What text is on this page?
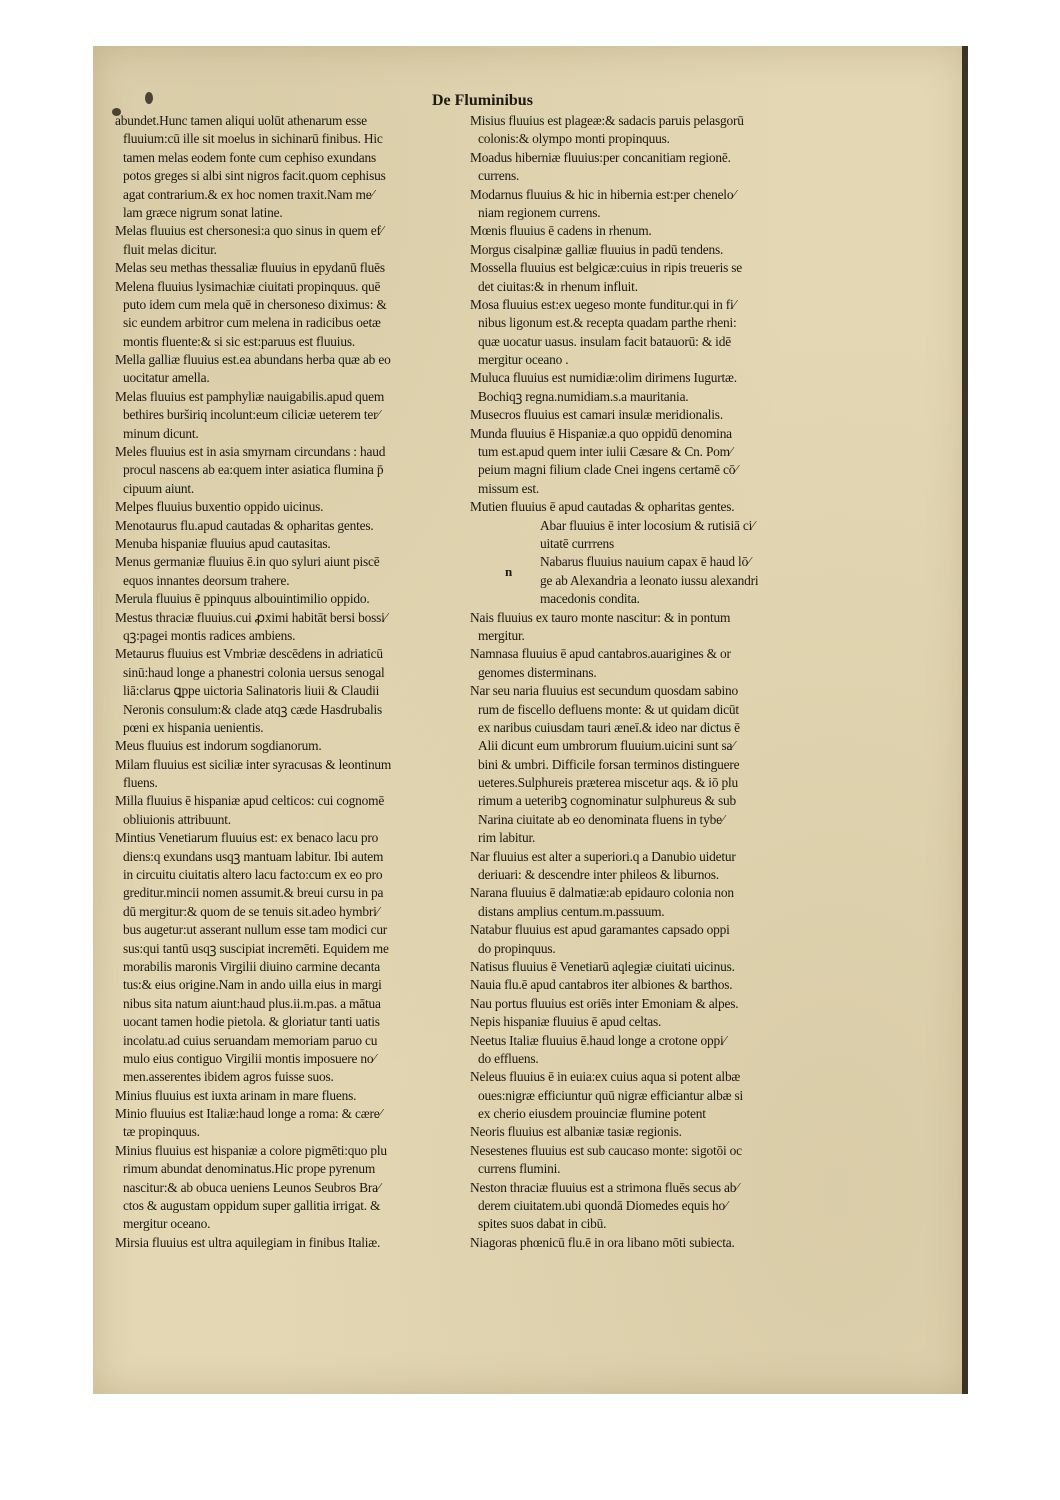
De Fluminibus
abundet.Hunc tamen aliqui uolūt athenarum esse
fluuium:cū ille sit moelus in sichinarū finibus. Hic
tamen melas eodem fonte cum cephiso exundans
potos greges si albi sint nigros facit.quom cephisus
agat contrarium.& ex hoc nomen traxit.Nam me⁄
lam græce nigrum sonat latine.
Melas fluuius est chersonesi:a quo sinus in quem ef⁄
fluit melas dicitur.
Melas seu methas thessaliæ fluuius in epydanū fluēs
Melena fluuius lysimachiæ ciuitati propinquus. quē
puto idem cum mela quē in chersoneso diximus: &
sic eundem arbitror cum melena in radicibus oetæ
montis fluente:& si sic est:paruus est fluuius.
Mella galliæ fluuius est.ea abundans herba quæ ab eo
uocitatur amella.
Melas fluuius est pamphyliæ nauigabilis.apud quem
bethires burširiq incolunt:eum ciliciæ ueterem ter⁄
minum dicunt.
Meles fluuius est in asia smyrnam circundans : haud
procul nascens ab ea:quem inter asiatica flumina p̄
cipuum aiunt.
Melpes fluuius buxentio oppido uicinus.
Menotaurus flu.apud cautadas & opharitas gentes.
Menuba hispaniæ fluuius apud cautasitas.
Menus germaniæ fluuius ē.in quo syluri aiunt piscē
equos innantes deorsum trahere.
Merula fluuius ē ppinquus albouintimilio oppido.
Mestus thraciæ fluuius.cui ꝓximi habitāt bersi bossi⁄
qꝫ:pagei montis radices ambiens.
Metaurus fluuius est Vmbriæ descēdens in adriaticū
sinū:haud longe a phanestri colonia uersus senogal
liā:clarus ꝗppe uictoria Salinatoris liuii & Claudii
Neronis consulum:& clade atqꝫ cæde Hasdrubalis
pœni ex hispania uenientis.
Meus fluuius est indorum sogdianorum.
Milam fluuius est siciliæ inter syracusas & leontinum
fluens.
Milla fluuius ē hispaniæ apud celticos: cui cognomē
obliuionis attribuunt.
Mintius Venetiarum fluuius est: ex benaco lacu pro
diens:q exundans usqꝫ mantuam labitur. Ibi autem
in circuitu ciuitatis altero lacu facto:cum ex eo pro
greditur.mincii nomen assumit.& breui cursu in pa
dū mergitur:& quom de se tenuis sit.adeo hymbri⁄
bus augetur:ut asserant nullum esse tam modici cur
sus:qui tantū usqꝫ suscipiat incremēti. Equidem me
morabilis maronis Virgilii diuino carmine decanta
tus:& eius origine.Nam in ando uilla eius in margi
nibus sita natum aiunt:haud plus.ii.m.pas. a mātua
uocant tamen hodie pietola. & gloriatur tanti uatis
incolatu.ad cuius seruandam memoriam paruo cu
mulo eius contiguo Virgilii montis imposuere no⁄
men.asserentes ibidem agros fuisse suos.
Minius fluuius est iuxta arinam in mare fluens.
Minio fluuius est Italiæ:haud longe a roma: & cære⁄
tæ propinquus.
Minius fluuius est hispaniæ a colore pigmēti:quo plu
rimum abundat denominatus.Hic prope pyrenum
nascitur:& ab obuca ueniens Leunos Seubros Bra⁄
ctos & augustam oppidum super gallitia irrigat. &
mergitur oceano.
Mirsia fluuius est ultra aquilegiam in finibus Italiæ.
Misius fluuius est plageæ:& sadacis paruis pelasgorū
colonis:& olympo monti propinquus.
Moadus hiberniæ fluuius:per concanitiam regionē.
currens.
Modarnus fluuius & hic in hibernia est:per chenelo⁄
niam regionem currens.
Mœnis fluuius ē cadens in rhenum.
Morgus cisalpinæ galliæ fluuius in padū tendens.
Mossella fluuius est belgicæ:cuius in ripis treueris se
det ciuitas:& in rhenum influit.
Mosa fluuius est:ex uegeso monte funditur.qui in fi⁄
nibus ligonum est.& recepta quadam parthe rheni:
quæ uocatur uasus. insulam facit batauorū: & idē
mergitur oceano .
Muluca fluuius est numidiæ:olim dirimens Iugurtæ.
Bochiqꝫ regna.numidiam.s.a mauritania.
Musecros fluuius est camari insulæ meridionalis.
Munda fluuius ē Hispaniæ.a quo oppidū denomina
tum est.apud quem inter iulii Cæsare & Cn. Pom⁄
peium magni filium clade Cnei ingens certamē cō⁄
missum est.
Mutien fluuius ē apud cautadas & opharitas gentes.
Abar fluuius ē inter locosium & rutisiā ci⁄
uitatē currrens
Nabarus fluuius nauium capax ē haud lō⁄
ge ab Alexandria a leonato iussu alexandri
macedonis condita.
Nais fluuius ex tauro monte nascitur: & in pontum
mergitur.
Namnasa fluuius ē apud cantabros.auarigines & or
genomes disterminans.
Nar seu naria fluuius est secundum quosdam sabino
rum de fiscello defluens monte: & ut quidam dicūt
ex naribus cuiusdam tauri æneī.& ideo nar dictus ē
Alii dicunt eum umbrorum fluuium.uicini sunt sa⁄
bini & umbri. Difficile forsan terminos distinguere
ueteres.Sulphureis præterea miscetur aqs. & iō plu
rimum a ueteribꝫ cognominatur sulphureus & sub
Narina ciuitate ab eo denominata fluens in tybe⁄
rim labitur.
Nar fluuius est alter a superiori.q a Danubio uidetur
deriuari: & descendre inter phileos & liburnos.
Narana fluuius ē dalmatiæ:ab epidauro colonia non
distans amplius centum.m.passuum.
Natabur fluuius est apud garamantes capsado oppi
do propinquus.
Natisus fluuius ē Venetiarū aqlegiæ ciuitati uicinus.
Nauia flu.ē apud cantabros iter albiones & barthos.
Nau portus fluuius est oriēs inter Emoniam & alpes.
Nepis hispaniæ fluuius ē apud celtas.
Neetus Italiæ fluuius ē.haud longe a crotone oppi⁄
do effluens.
Neleus fluuius ē in euia:ex cuius aqua si potent albæ
oues:nigræ efficiuntur quū nigræ efficiantur albæ si
ex cherio eiusdem prouinciæ flumine potent
Neoris fluuius est albaniæ tasiæ regionis.
Nesestenes fluuius est sub caucaso monte: sigotōi oc
currens flumini.
Neston thraciæ fluuius est a strimona fluēs secus ab⁄
derem ciuitatem.ubi quondā Diomedes equis ho⁄
spites suos dabat in cibū.
Niagoras phœnicū flu.ē in ora libano mōti subiecta.
n
